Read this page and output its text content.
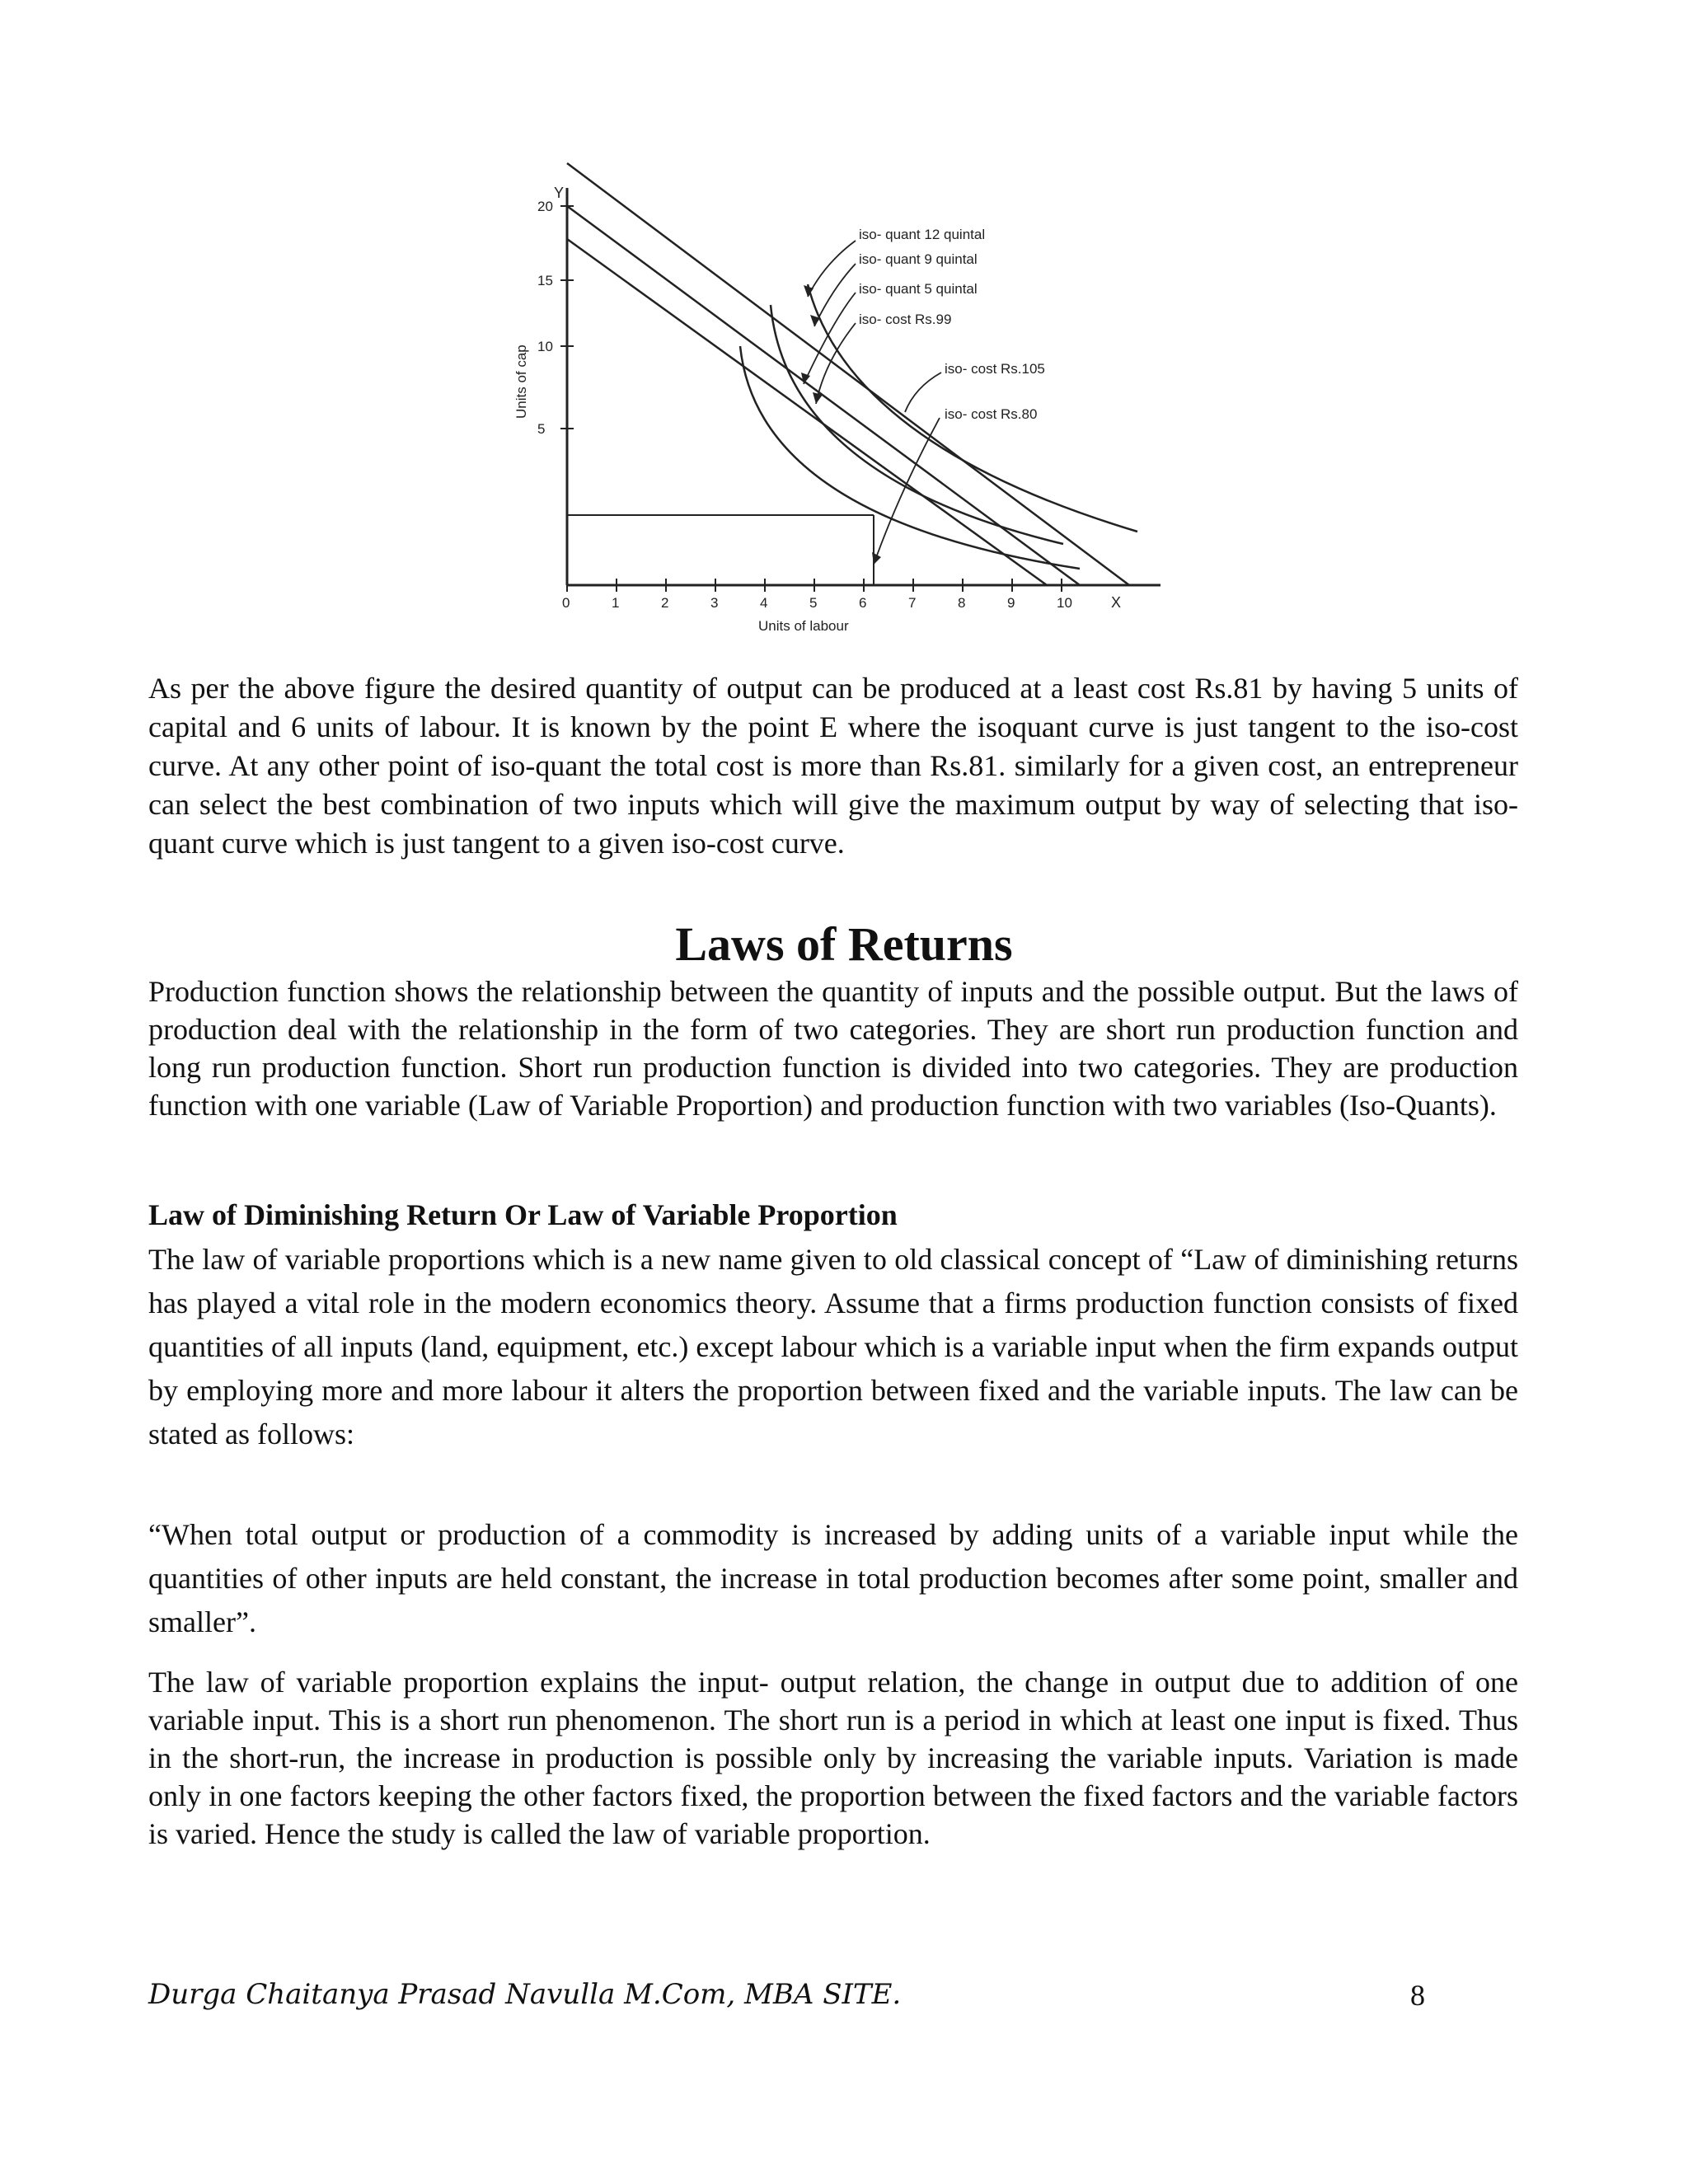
Y
X
Units of cap
Units of labour
20
15
10
5
0	1	2	3	4	5	6	7	8	9	10
iso- quant 12 quintal
iso- quant 9 quintal
iso- quant 5 quintal
iso- cost Rs.99
iso- cost Rs.105
iso- cost Rs.80

As per the above figure the desired quantity of output can be produced at a least cost Rs.81 by having 5 units of capital and 6 units of labour. It is known by the point E where the isoquant curve is just tangent to the iso-cost curve. At any other point of iso-quant the total cost is more than Rs.81. similarly for a given cost, an entrepreneur can select the best combination of two inputs which will give the maximum output by way of selecting that iso-quant curve which is just tangent to a given iso-cost curve.

Laws of Returns

Production function shows the relationship between the quantity of inputs and the possible output. But the laws of production deal with the relationship in the form of two categories. They are short run production function and long run production function. Short run production function is divided into two categories. They are production function with one variable (Law of Variable Proportion) and production function with two variables (Iso-Quants).

Law of Diminishing Return Or Law of Variable Proportion

The law of variable proportions which is a new name given to old classical concept of “Law of diminishing returns has played a vital role in the modern economics theory. Assume that a firms production function consists of fixed quantities of all inputs (land, equipment, etc.) except labour which is a variable input when the firm expands output by employing more and more labour it alters the proportion between fixed and the variable inputs. The law can be stated as follows:

“When total output or production of a commodity is increased by adding units of a variable input while the quantities of other inputs are held constant, the increase in total production becomes after some point, smaller and smaller”.

The law of variable proportion explains the input- output relation, the change in output due to addition of one variable input. This is a short run phenomenon. The short run is a period in which at least one input is fixed. Thus in the short-run, the increase in production is possible only by increasing the variable inputs. Variation is made only in one factors keeping the other factors fixed, the proportion between the fixed factors and the variable factors is varied. Hence the study is called the law of variable proportion.

Durga Chaitanya Prasad Navulla M.Com, MBA SITE.	8
